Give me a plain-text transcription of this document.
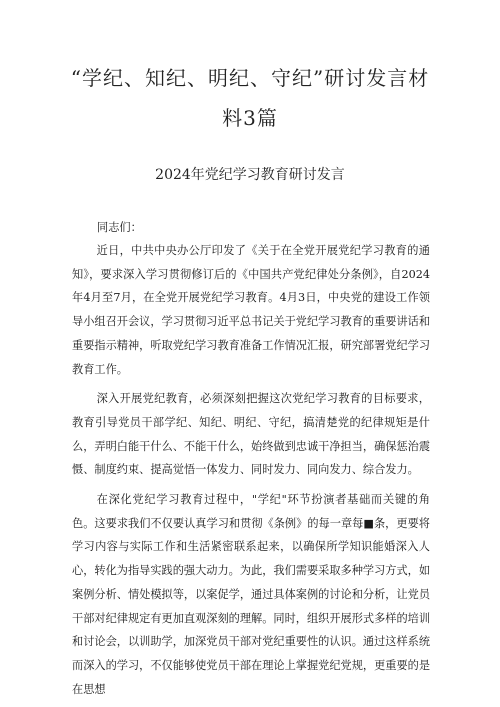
“学纪、知纪、明纪、守纪”研讨发言材
料3篇
2024年党纪学习教育研讨发言
同志们：

近日，中共中央办公厅印发了《关于在全党开展党纪学习教育的通知》，要求深入学习贯彻修订后的《中国共产党纪律处分条例》，自2024年4月至7月，在全党开展党纪学习教育。4月3日，中央党的建设工作领导小组召开会议，学习贯彻习近平总书记关于党纪学习教育的重要讲话和重要指示精神，听取党纪学习教育准备工作情况汇报，研究部署党纪学习教育工作。

深入开展党纪教育，必须深刻把握这次党纪学习教育的目标要求，教育引导党员干部学纪、知纪、明纪、守纪，搞清楚党的纪律规矩是什么，弄明白能干什么、不能干什么，始终做到忠诚干净担当，确保惩治震慑、制度约束、提高觉悟一体发力、同时发力、同向发力、综合发力。

在深化党纪学习教育过程中，"学纪"环节扮演者基础而关键的角色。这要求我们不仅要认真学习和贯彻《条例》的每一章每■条，更要将学习内容与实际工作和生活紧密联系起来，以确保所学知识能婚深入人心，转化为指导实践的强大动力。为此，我们需要采取多种学习方式，如案例分析、情处模拟等，以案促学，通过具体案例的讨论和分析，让党员干部对纪律规定有更加直观深刻的理解。同时，组织开展形式多样的培训和讨论会，以训助学，加深党员干部对党纪重要性的认识。通过这样系统而深入的学习，不仅能够使党员干部在理论上掌握党纪党规，更重要的是在思想
